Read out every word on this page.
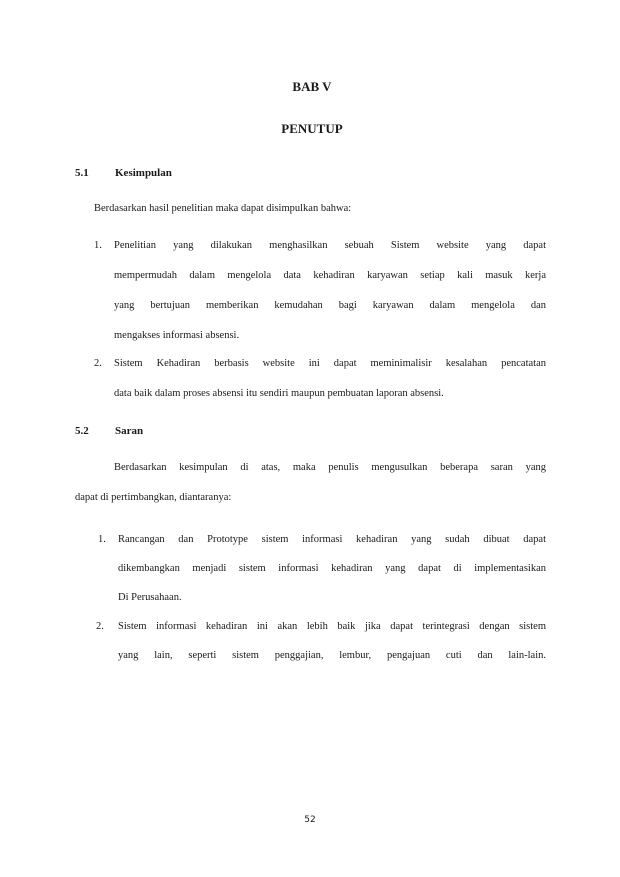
BAB V
PENUTUP
5.1 Kesimpulan
Berdasarkan hasil penelitian maka dapat disimpulkan bahwa:
1. Penelitian yang dilakukan menghasilkan sebuah Sistem website yang dapat
mempermudah dalam mengelola data kehadiran karyawan setiap kali masuk kerja
yang bertujuan memberikan kemudahan bagi karyawan dalam mengelola dan
mengakses informasi absensi.
2. Sistem Kehadiran berbasis website ini dapat meminimalisir kesalahan pencatatan
data baik dalam proses absensi itu sendiri maupun pembuatan laporan absensi.
5.2 Saran
Berdasarkan kesimpulan di atas, maka penulis mengusulkan beberapa saran yang
dapat di pertimbangkan, diantaranya:
1. Rancangan dan Prototype sistem informasi kehadiran yang sudah dibuat dapat
dikembangkan menjadi sistem informasi kehadiran yang dapat di implementasikan
Di Perusahaan.
2. Sistem informasi kehadiran ini akan lebih baik jika dapat terintegrasi dengan sistem
yang lain, seperti sistem penggajian, lembur, pengajuan cuti dan lain-lain.
52
